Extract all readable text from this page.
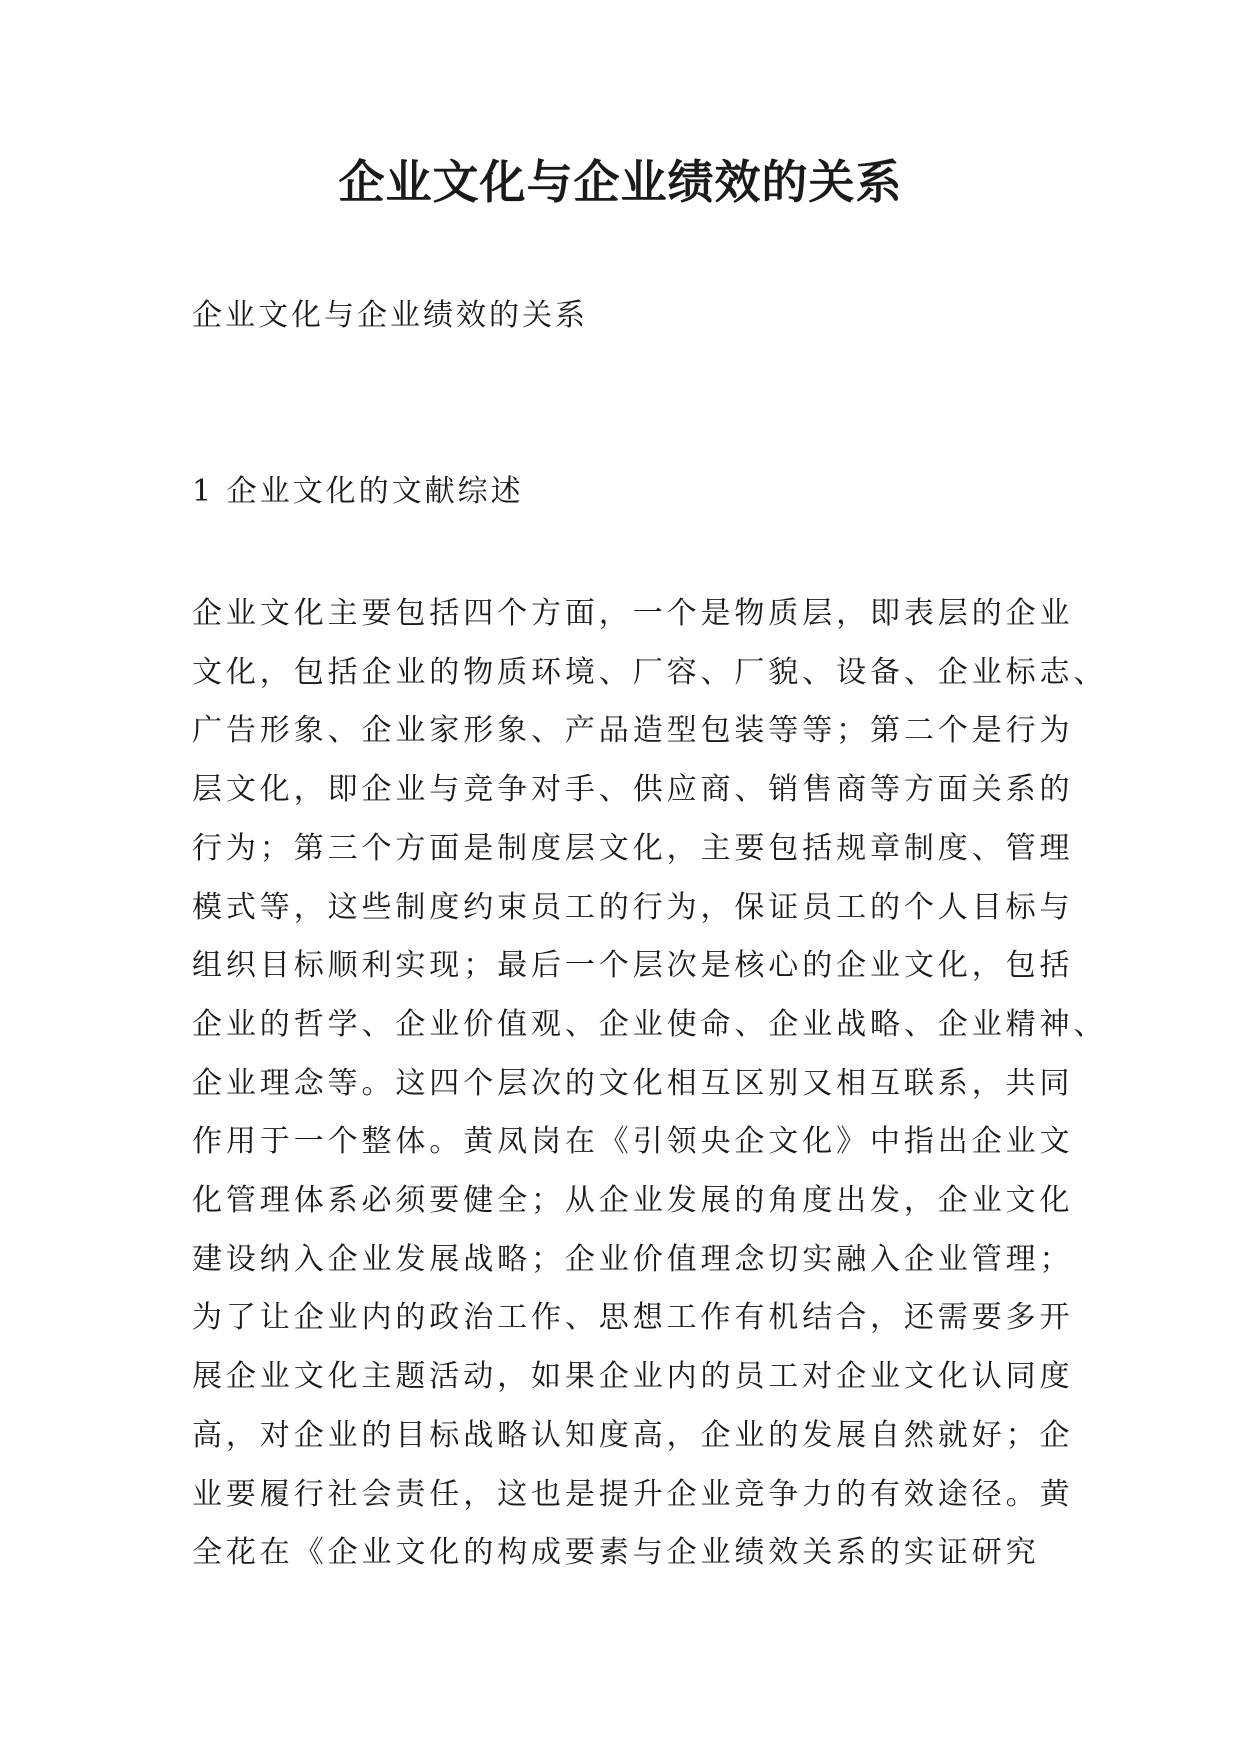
企业文化与企业绩效的关系

企业文化与企业绩效的关系

1 企业文化的文献综述
企业文化主要包括四个方面，一个是物质层，即表层的企业
文化，包括企业的物质环境、厂容、厂貌、设备、企业标志、
广告形象、企业家形象、产品造型包装等等；第二个是行为
层文化，即企业与竞争对手、供应商、销售商等方面关系的
行为；第三个方面是制度层文化，主要包括规章制度、管理
模式等，这些制度约束员工的行为，保证员工的个人目标与
组织目标顺利实现；最后一个层次是核心的企业文化，包括
企业的哲学、企业价值观、企业使命、企业战略、企业精神、
企业理念等。这四个层次的文化相互区别又相互联系，共同
作用于一个整体。黄凤岗在《引领央企文化》中指出企业文
化管理体系必须要健全；从企业发展的角度出发，企业文化
建设纳入企业发展战略；企业价值理念切实融入企业管理；
为了让企业内的政治工作、思想工作有机结合，还需要多开
展企业文化主题活动，如果企业内的员工对企业文化认同度
高，对企业的目标战略认知度高，企业的发展自然就好；企
业要履行社会责任，这也是提升企业竞争力的有效途径。黄
全花在《企业文化的构成要素与企业绩效关系的实证研究
